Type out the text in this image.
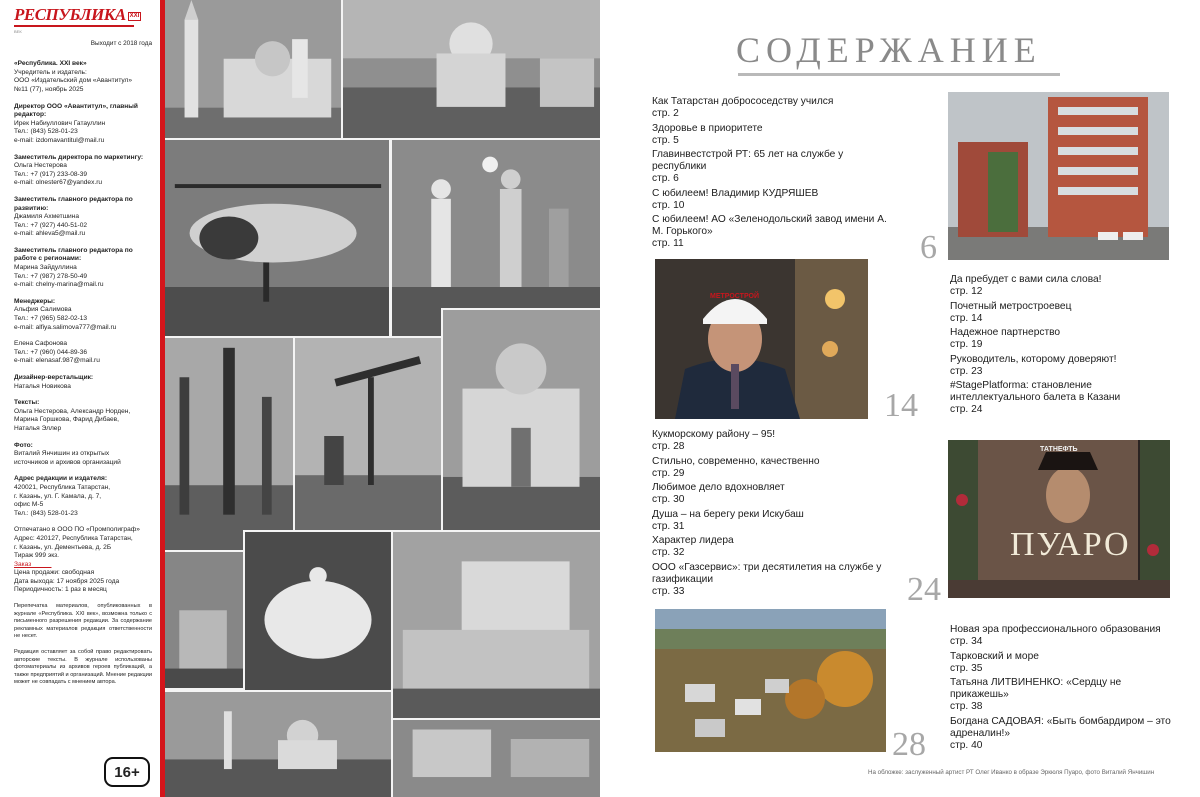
РЕСПУБЛИКА XXI
ВЕК
Выходит с 2018 года
«Республика. XXI век»
Учредитель и издатель:
ООО «Издательский дом «Авантитул»
№11 (77), ноябрь 2025
Директор ООО «Авантитул», главный редактор:
Ирек Набиуллович Гатауллин
Тел.: (843) 528-01-23
e-mail: izdomavantitul@mail.ru
Заместитель директора по маркетингу:
Ольга Нестерова
Тел.: +7 (917) 233-08-39
e-mail: olnester67@yandex.ru
Заместитель главного редактора по развитию:
Джамиля Ахметшина
Тел.: +7 (927) 440-51-02
e-mail: ahleva5@mail.ru
Заместитель главного редактора по работе с регионами:
Марина Зайдуллина
Тел.: +7 (987) 278-50-49
e-mail: chelny-marina@mail.ru
Менеджеры:
Альфия Салимова
Тел.: +7 (965) 582-02-13
e-mail: alfiya.salimova777@mail.ru
Елена Сафонова
Тел.: +7 (960) 044-89-36
e-mail: elenasaf.987@mail.ru
Дизайнер-верстальщик:
Наталья Новикова
Тексты:
Ольга Нестерова, Александр Норден,
Марина Горшкова, Фарид Дибаев,
Наталья Эллер
Фото:
Виталий Янчишин из открытых
источников и архивов организаций
Адрес редакции и издателя:
420021, Республика Татарстан,
г. Казань, ул. Г. Камала, д. 7,
офис М-5
Тел.: (843) 528-01-23
Отпечатано в ООО ПО «Промполиграф»
Адрес: 420127, Республика Татарстан,
г. Казань, ул. Дементьева, д. 2Б
Тираж 999 экз.
Заказ _____
Цена продажи: свободная
Дата выхода: 17 ноября 2025 года
Периодичность: 1 раз в месяц
Перепечатка материалов, опубликованных в журнале «Республика. XXI век», возможна только с письменного разрешения редакции. За содержание рекламных материалов редакция ответственности не несет.
Редакция оставляет за собой право редактировать авторские тексты. В журнале использованы фотоматериалы из архивов героев публикаций, а также предприятий и организаций. Мнение редакции может не совпадать с мнением автора.
16+
СОДЕРЖАНИЕ
Как Татарстан добрососедству учился
стр. 2
Здоровье в приоритете
стр. 5
Главинвестстрой РТ: 65 лет на службе у республики
стр. 6
С юбилеем! Владимир КУДРЯШЕВ
стр. 10
С юбилеем! АО «Зеленодольский завод имени А. М. Горького»
стр. 11	6
МЕТРОСТРОЙ
14
Да пребудет с вами сила слова!
стр. 12
Почетный метростроевец
стр. 14
Надежное партнерство
стр. 19
Руководитель, которому доверяют!
стр. 23
#StagePlatforma: становление интеллектуального балета в Казани
стр. 24
Кукморскому району – 95!
стр. 28
Стильно, современно, качественно
стр. 29
Любимое дело вдохновляет
стр. 30
Душа – на берегу реки Искубаш
стр. 31
Характер лидера
стр. 32
ООО «Газсервис»: три десятилетия на службе у газификации
стр. 33
ПУАРО
ТАТНЕФТЬ
24
28
Новая эра профессионального образования
стр. 34
Тарковский и море
стр. 35
Татьяна ЛИТВИНЕНКО: «Сердцу не прикажешь»
стр. 38
Богдана САДОВАЯ: «Быть бомбардиром – это адреналин!»
стр. 40
На обложке: заслуженный артист РТ Олег Иванко в образе Эркюля Пуаро, фото Виталий Янчишин
